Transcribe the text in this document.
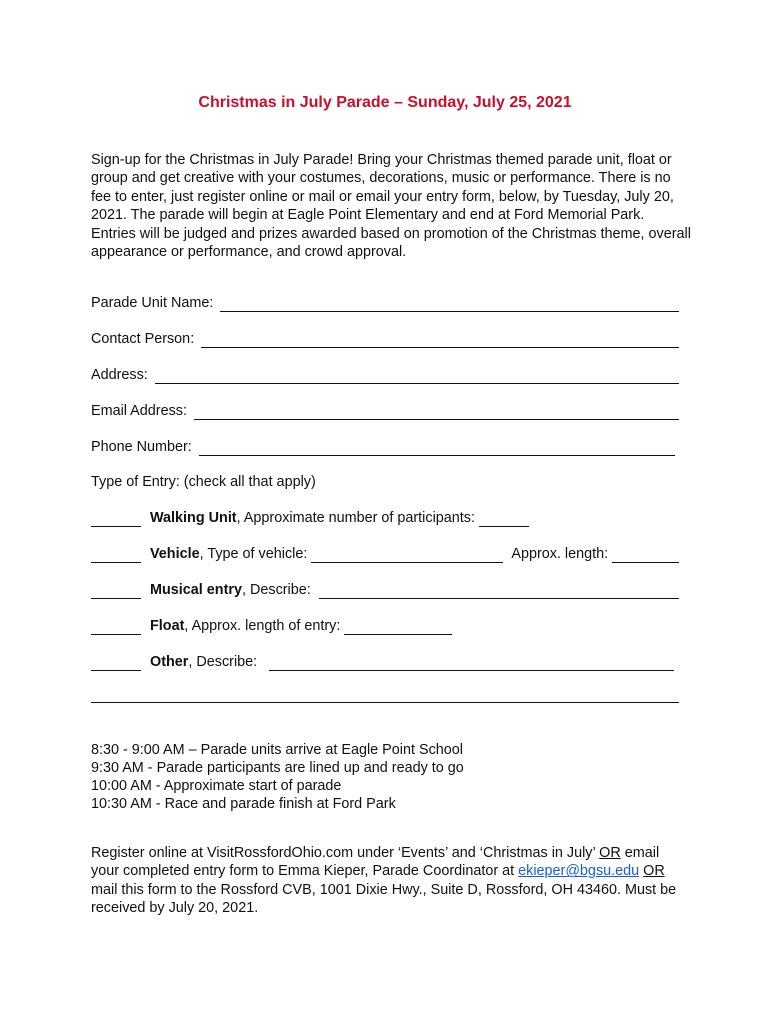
Christmas in July Parade – Sunday, July 25, 2021
Sign-up for the Christmas in July Parade! Bring your Christmas themed parade unit, float or group and get creative with your costumes, decorations, music or performance. There is no fee to enter, just register online or mail or email your entry form, below, by Tuesday, July 20, 2021. The parade will begin at Eagle Point Elementary and end at Ford Memorial Park. Entries will be judged and prizes awarded based on promotion of the Christmas theme, overall appearance or performance, and crowd approval.
Parade Unit Name:
Contact Person:
Address:
Email Address:
Phone Number:
Type of Entry: (check all that apply)
Walking Unit , Approximate number of participants:
Vehicle , Type of vehicle:	Approx. length:
Musical entry , Describe:
Float , Approx. length of entry:
Other , Describe:
8:30 - 9:00 AM – Parade units arrive at Eagle Point School
9:30 AM - Parade participants are lined up and ready to go
10:00 AM - Approximate start of parade
10:30 AM - Race and parade finish at Ford Park
Register online at VisitRossfordOhio.com under ‘Events’ and ‘Christmas in July’ OR email your completed entry form to Emma Kieper, Parade Coordinator at ekieper@bgsu.edu OR mail this form to the Rossford CVB, 1001 Dixie Hwy., Suite D, Rossford, OH 43460. Must be received by July 20, 2021.
